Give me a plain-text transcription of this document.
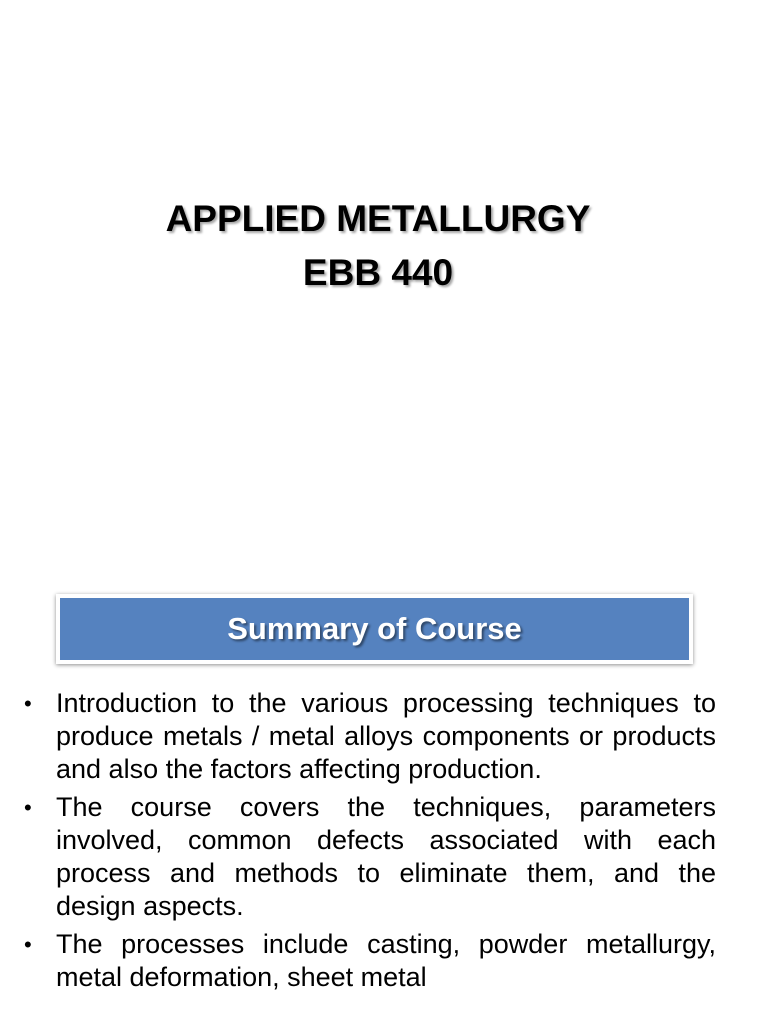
APPLIED METALLURGY
EBB 440
Summary of Course
• Introduction to the various processing techniques to produce metals / metal alloys components or products and also the factors affecting production.
• The course covers the techniques, parameters involved, common defects associated with each process and methods to eliminate them, and the design aspects.
• The processes include casting, powder metallurgy, metal deformation, sheet metal
